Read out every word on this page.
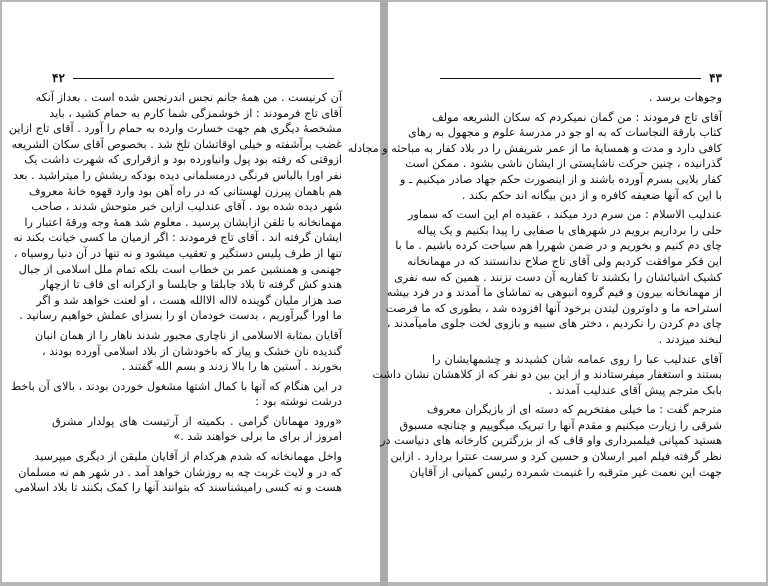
۴۲
آن کرنیست . من همهٔ جانم نجس اندرنجس شده است . بعداز آنکه
آقای تاج فرمودند : از خوشمزگی شما کارم به حمام کشید ، باید
مشخصهٔ دیگری هم جهت خسارت وارده به حمام را آورد . آقای تاج ازاین
غضب برآشفته و خیلی اوقاتشان تلخ شد . بخصوص آقای سکان الشریعه
ازوقتی که رفته بود پول وانیاورده بود و ازقراری که شهرت داشت یک
نفر اورا بالباس فرنگی درمسلمانی دیده بودکه ریشش را میتراشید . بعد
هم باهمان پیرزن لهستانی که در راه آهن بود وارد قهوه خانهٔ معروف
شهر دیده شده بود . آقای عندلیب ازاین خبر متوحش شدند ، صاحب
مهمانخانه با تلفن ازایشان پرسید . معلوم شد همهٔ وجه ورقهٔ اعتبار را
ایشان گرفته اند . آقای تاج فرمودند : اگر ازمیان ما کسی خیانت بکند نه
تنها از طرف پلیس دستگیر و تعقیب میشود و نه تنها در آن دنیا روسیاه ،
جهنمی و همنشین عمر بن خطاب است بلکه تمام ملل اسلامی از جبال
هندو کش گرفته تا بلاد جابلقا و جابلسا و ازکرانه ای قاف تا ازچهار
صد هزار ملیان گوینده لااله الاالله هست ، او لعنت خواهد شد و اگر
ما اورا گیرآوریم ، بدست خودمان او را بسزای عملش خواهیم رسانید .
آقایان بمثابة الاسلامی از ناچاری مجبور شدند ناهار را از همان انبان
گندیده نان خشک و پیاز که باخودشان از بلاد اسلامی آورده بودند ،
بخورند . آستین ها را بالا زدند و بسم الله گفتند .
در این هنگام که آنها با کمال اشتها مشغول خوردن بودند ، بالای آن باخط
درشت نوشته بود :
«ورود مهمانان گرامی . بکمیته از آرتیست های پولدار مشرق
امروز از برای ما برلی خواهند شد .»
واخل مهمانخانه که شدم هرکدام از آقایان ملیقن از دیگری میپرسید
که در و لایت غربت چه به روزشان خواهد آمد . در شهر هم نه مسلمان
هست و نه کسی رامیشناسند که بتوانند آنها را کمک بکنند تا بلاد اسلامی
۴۳
وجوهات برسد .
آقای تاج فرمودند : من گمان نمیکردم که سکان الشریعه مولف
کتاب بارقة النجاسات که به او جو در مدرسهٔ علوم و مجهول به رهای
کافی دارد و مدت و همسایهٔ ما از عمر شریفش را در بلاد کفار به مباحثه و مجادله
گذرانیده ، چنین حرکت ناشایستی از ایشان ناشی بشود . ممکن است
کفار بلایی بسرم آورده باشند و از اینصورت حکم جهاد صادر میکنیم ـ و
با این که آنها ضعیفه کافره و از دین بیگانه اند حکم بکند .
عندلیب الاسلام : من سرم درد میکند ، عقیده ام این است که سماور
حلی را برداریم برویم در شهرهای با صفایی را پیدا بکنیم و یک پیاله
چای دم کنیم و بخوریم و در ضمن شهررا هم سیاحت کرده باشیم . ما با
این فکر موافقت کردیم ولی آقای تاج صلاح ندانستند که در مهمانخانه
کشیک اشیائشان را بکشند تا کفاریه آن دست نزنند . همین که سه نفری
از مهمانخانه بیرون و فیم گروه انبوهی به تماشای ما آمدند و در فرد بیشه
استراحه ما و داوترون لیتدن برخود آنها افزوده شد ، بطوری که ما فرصت
چای دم کردن را نکردیم ، دختر های سبیه و بازوی لخت جلوی مامیآمدند ،
لبخند میزدند .
آقای عندلیب عبا را روی عمامه شان کشیدند و چشمهایشان را
بستند و استغفار میفرستادند و از این بین دو نفر که از کلاهشان نشان داشت
بابک مترجم پیش آقای عندلیب آمدند .
مترجم گفت : ما خیلی مفتخریم که دسته ای از بازیگران معروف
شرقی را زیارت میکنیم و مقدم آنها را تبریک میگوییم و چنانچه مسبوق
هستید کمپانی فیلمبرداری واو قاف که از بزرگترین کارخانه های دنیاست در
نظر گرفته فیلم امیر ارسلان و حسین کرد و سرست عنترا بردارد . ازاین
جهت این نعمت غیر مترقبه را غنیمت شمرده رئیس کمپانی از آقایان
